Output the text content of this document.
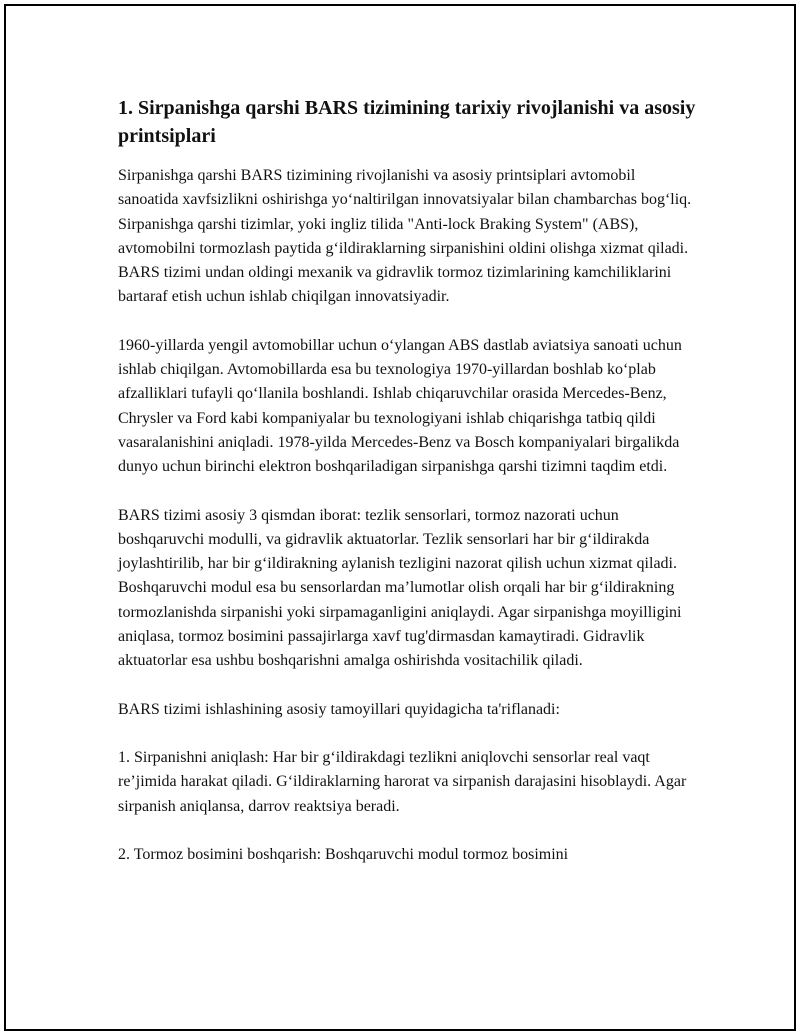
1. Sirpanishga qarshi BARS tizimining tarixiy rivojlanishi va asosiy printsiplari

Sirpanishga qarshi BARS tizimining rivojlanishi va asosiy printsiplari avtomobil sanoatida xavfsizlikni oshirishga yo‘naltirilgan innovatsiyalar bilan chambarchas bog‘liq. Sirpanishga qarshi tizimlar, yoki ingliz tilida "Anti-lock Braking System" (ABS), avtomobilni tormozlash paytida g‘ildiraklarning sirpanishini oldini olishga xizmat qiladi. BARS tizimi undan oldingi mexanik va gidravlik tormoz tizimlarining kamchiliklarini bartaraf etish uchun ishlab chiqilgan innovatsiyadir.

1960-yillarda yengil avtomobillar uchun o‘ylangan ABS dastlab aviatsiya sanoati uchun ishlab chiqilgan. Avtomobillarda esa bu texnologiya 1970-yillardan boshlab ko‘plab afzalliklari tufayli qo‘llanila boshlandi. Ishlab chiqaruvchilar orasida Mercedes-Benz, Chrysler va Ford kabi kompaniyalar bu texnologiyani ishlab chiqarishga tatbiq qildi vasaralanishini aniqladi. 1978-yilda Mercedes-Benz va Bosch kompaniyalari birgalikda dunyo uchun birinchi elektron boshqariladigan sirpanishga qarshi tizimni taqdim etdi.

BARS tizimi asosiy 3 qismdan iborat: tezlik sensorlari, tormoz nazorati uchun boshqaruvchi modulli, va gidravlik aktuatorlar. Tezlik sensorlari har bir g‘ildirakda joylashtirilib, har bir g‘ildirakning aylanish tezligini nazorat qilish uchun xizmat qiladi. Boshqaruvchi modul esa bu sensorlardan ma’lumotlar olish orqali har bir g‘ildirakning tormozlanishda sirpanishi yoki sirpamaganligini aniqlaydi. Agar sirpanishga moyilligini aniqlasa, tormoz bosimini passajirlarga xavf tug'dirmasdan kamaytiradi. Gidravlik aktuatorlar esa ushbu boshqarishni amalga oshirishda vositachilik qiladi.

BARS tizimi ishlashining asosiy tamoyillari quyidagicha ta'riflanadi:

1. Sirpanishni aniqlash: Har bir g‘ildirakdagi tezlikni aniqlovchi sensorlar real vaqt re’jimida harakat qiladi. G‘ildiraklarning harorat va sirpanish darajasini hisoblaydi. Agar sirpanish aniqlansa, darrov reaktsiya beradi.

2. Tormoz bosimini boshqarish: Boshqaruvchi modul tormoz bosimini
